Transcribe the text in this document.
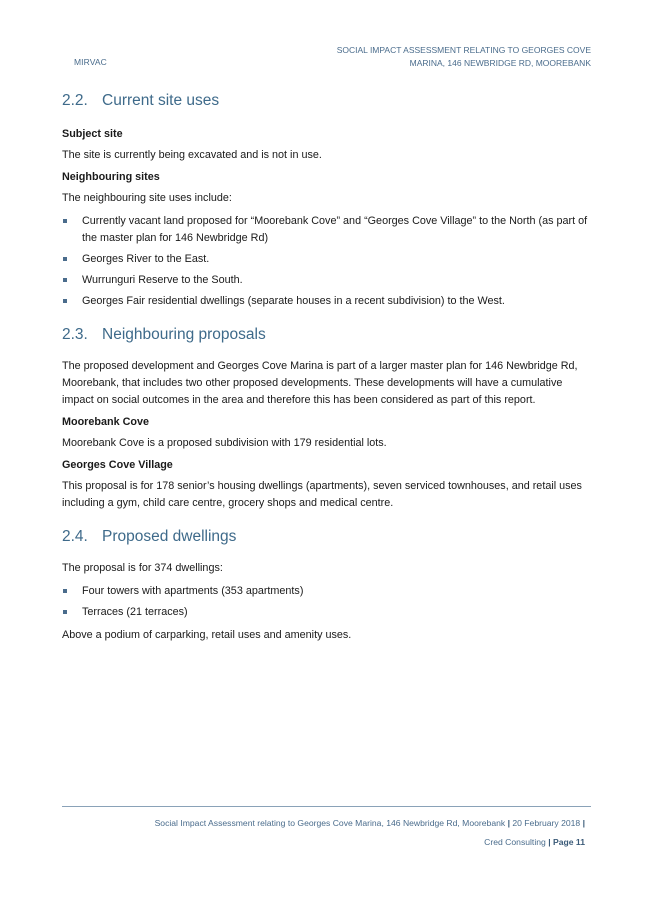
MIRVAC
SOCIAL IMPACT ASSESSMENT RELATING TO GEORGES COVE
MARINA, 146 NEWBRIDGE RD, MOOREBANK
2.2. Current site uses
Subject site

The site is currently being excavated and is not in use.

Neighbouring sites

The neighbouring site uses include:

Currently vacant land proposed for “Moorebank Cove” and “Georges Cove Village” to the North (as part of the master plan for 146 Newbridge Rd)
Georges River to the East.
Wurrunguri Reserve to the South.
Georges Fair residential dwellings (separate houses in a recent subdivision) to the West.
2.3. Neighbouring proposals

The proposed development and Georges Cove Marina is part of a larger master plan for 146 Newbridge Rd, Moorebank, that includes two other proposed developments. These developments will have a cumulative impact on social outcomes in the area and therefore this has been considered as part of this report.

Moorebank Cove

Moorebank Cove is a proposed subdivision with 179 residential lots.

Georges Cove Village

This proposal is for 178 senior’s housing dwellings (apartments), seven serviced townhouses, and retail uses including a gym, child care centre, grocery shops and medical centre.

2.4. Proposed dwellings

The proposal is for 374 dwellings:

Four towers with apartments (353 apartments)
Terraces (21 terraces)

Above a podium of carparking, retail uses and amenity uses.

Social Impact Assessment relating to Georges Cove Marina, 146 Newbridge Rd, Moorebank | 20 February 2018 |
Cred Consulting | Page 11
